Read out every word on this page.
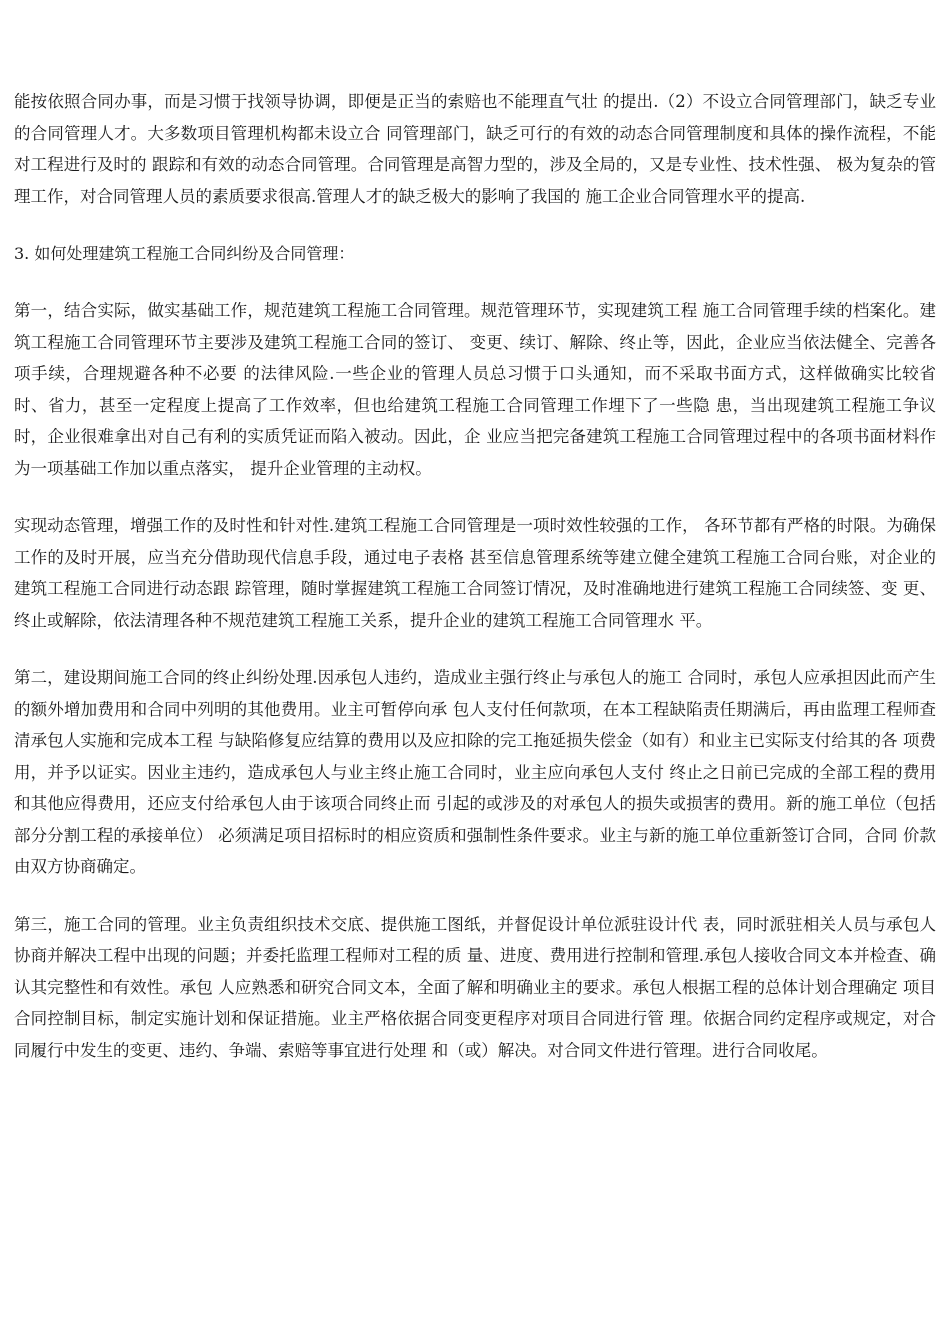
能按依照合同办事，而是习惯于找领导协调，即便是正当的索赔也不能理直气壮 的提出.（2）不设立合同管理部门，缺乏专业的合同管理人才。大多数项目管理机构都未设立合 同管理部门，缺乏可行的有效的动态合同管理制度和具体的操作流程，不能对工程进行及时的 跟踪和有效的动态合同管理。合同管理是高智力型的，涉及全局的，又是专业性、技术性强、 极为复杂的管理工作，对合同管理人员的素质要求很高.管理人才的缺乏极大的影响了我国的 施工企业合同管理水平的提高.

3. 如何处理建筑工程施工合同纠纷及合同管理：

第一，结合实际，做实基础工作，规范建筑工程施工合同管理。规范管理环节，实现建筑工程 施工合同管理手续的档案化。建筑工程施工合同管理环节主要涉及建筑工程施工合同的签订、 变更、续订、解除、终止等，因此，企业应当依法健全、完善各项手续，合理规避各种不必要 的法律风险.一些企业的管理人员总习惯于口头通知，而不采取书面方式，这样做确实比较省 时、省力，甚至一定程度上提高了工作效率，但也给建筑工程施工合同管理工作埋下了一些隐 患，当出现建筑工程施工争议时，企业很难拿出对自己有利的实质凭证而陷入被动。因此，企 业应当把完备建筑工程施工合同管理过程中的各项书面材料作为一项基础工作加以重点落实， 提升企业管理的主动权。

实现动态管理，增强工作的及时性和针对性.建筑工程施工合同管理是一项时效性较强的工作， 各环节都有严格的时限。为确保工作的及时开展，应当充分借助现代信息手段，通过电子表格 甚至信息管理系统等建立健全建筑工程施工合同台账，对企业的建筑工程施工合同进行动态跟 踪管理，随时掌握建筑工程施工合同签订情况，及时准确地进行建筑工程施工合同续签、变 更、终止或解除，依法清理各种不规范建筑工程施工关系，提升企业的建筑工程施工合同管理水 平。

第二，建设期间施工合同的终止纠纷处理.因承包人违约，造成业主强行终止与承包人的施工 合同时，承包人应承担因此而产生的额外增加费用和合同中列明的其他费用。业主可暂停向承 包人支付任何款项，在本工程缺陷责任期满后，再由监理工程师查清承包人实施和完成本工程 与缺陷修复应结算的费用以及应扣除的完工拖延损失偿金（如有）和业主已实际支付给其的各 项费用，并予以证实。因业主违约，造成承包人与业主终止施工合同时，业主应向承包人支付 终止之日前已完成的全部工程的费用和其他应得费用，还应支付给承包人由于该项合同终止而 引起的或涉及的对承包人的损失或损害的费用。新的施工单位（包括部分分割工程的承接单位） 必须满足项目招标时的相应资质和强制性条件要求。业主与新的施工单位重新签订合同，合同 价款由双方协商确定。

第三，施工合同的管理。业主负责组织技术交底、提供施工图纸，并督促设计单位派驻设计代 表，同时派驻相关人员与承包人协商并解决工程中出现的问题；并委托监理工程师对工程的质 量、进度、费用进行控制和管理.承包人接收合同文本并检查、确认其完整性和有效性。承包 人应熟悉和研究合同文本，全面了解和明确业主的要求。承包人根据工程的总体计划合理确定 项目合同控制目标，制定实施计划和保证措施。业主严格依据合同变更程序对项目合同进行管 理。依据合同约定程序或规定，对合同履行中发生的变更、违约、争端、索赔等事宜进行处理 和（或）解决。对合同文件进行管理。进行合同收尾。
